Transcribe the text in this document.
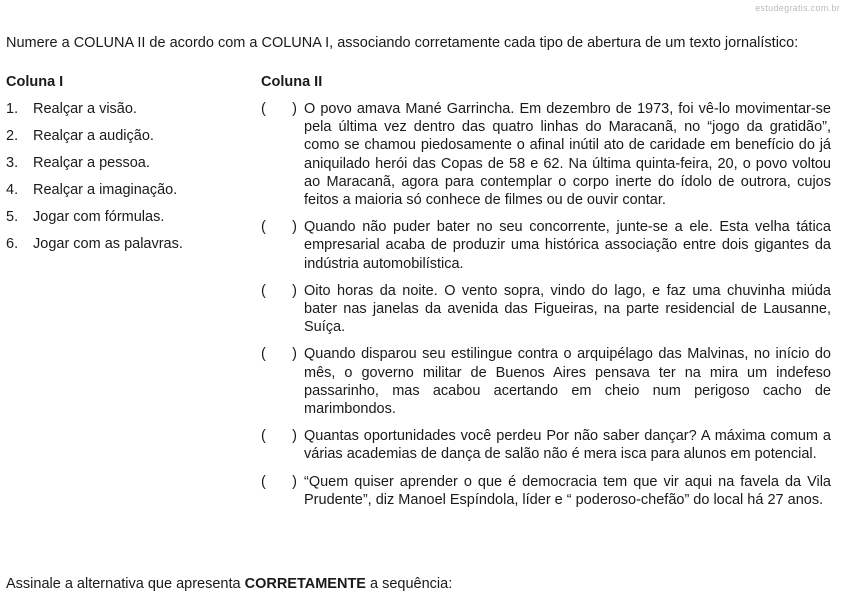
estudegratis.com.br
Numere a COLUNA II de acordo com a COLUNA I, associando corretamente cada tipo de abertura de um texto jornalístico:
Coluna I
1.	Realçar a visão.
2.	Realçar a audição.
3.	Realçar a pessoa.
4.	Realçar a imaginação.
5.	Jogar com fórmulas.
6.	Jogar com as palavras.
Coluna II
( ) O povo amava Mané Garrincha. Em dezembro de 1973, foi vê-lo movimentar-se pela última vez dentro das quatro linhas do Maracanã, no “jogo da gratidão”, como se chamou piedosamente o afinal inútil ato de caridade em benefício do já aniquilado herói das Copas de 58 e 62. Na última quinta-feira, 20, o povo voltou ao Maracanã, agora para contemplar o corpo inerte do ídolo de outrora, cujos feitos a maioria só conhece de filmes ou de ouvir contar.
( ) Quando não puder bater no seu concorrente, junte-se a ele. Esta velha tática empresarial acaba de produzir uma histórica associação entre dois gigantes da indústria automobilística.
( ) Oito horas da noite. O vento sopra, vindo do lago, e faz uma chuvinha miúda bater nas janelas da avenida das Figueiras, na parte residencial de Lausanne, Suíça.
( ) Quando disparou seu estilingue contra o arquipélago das Malvinas, no início do mês, o governo militar de Buenos Aires pensava ter na mira um indefeso passarinho, mas acabou acertando em cheio num perigoso cacho de marimbondos.
( ) Quantas oportunidades você perdeu Por não saber dançar? A máxima comum a várias academias de dança de salão não é mera isca para alunos em potencial.
( ) “Quem quiser aprender o que é democracia tem que vir aqui na favela da Vila Prudente”, diz Manoel Espíndola, líder e “ poderoso-chefão” do local há 27 anos.
Assinale a alternativa que apresenta CORRETAMENTE a sequência:
